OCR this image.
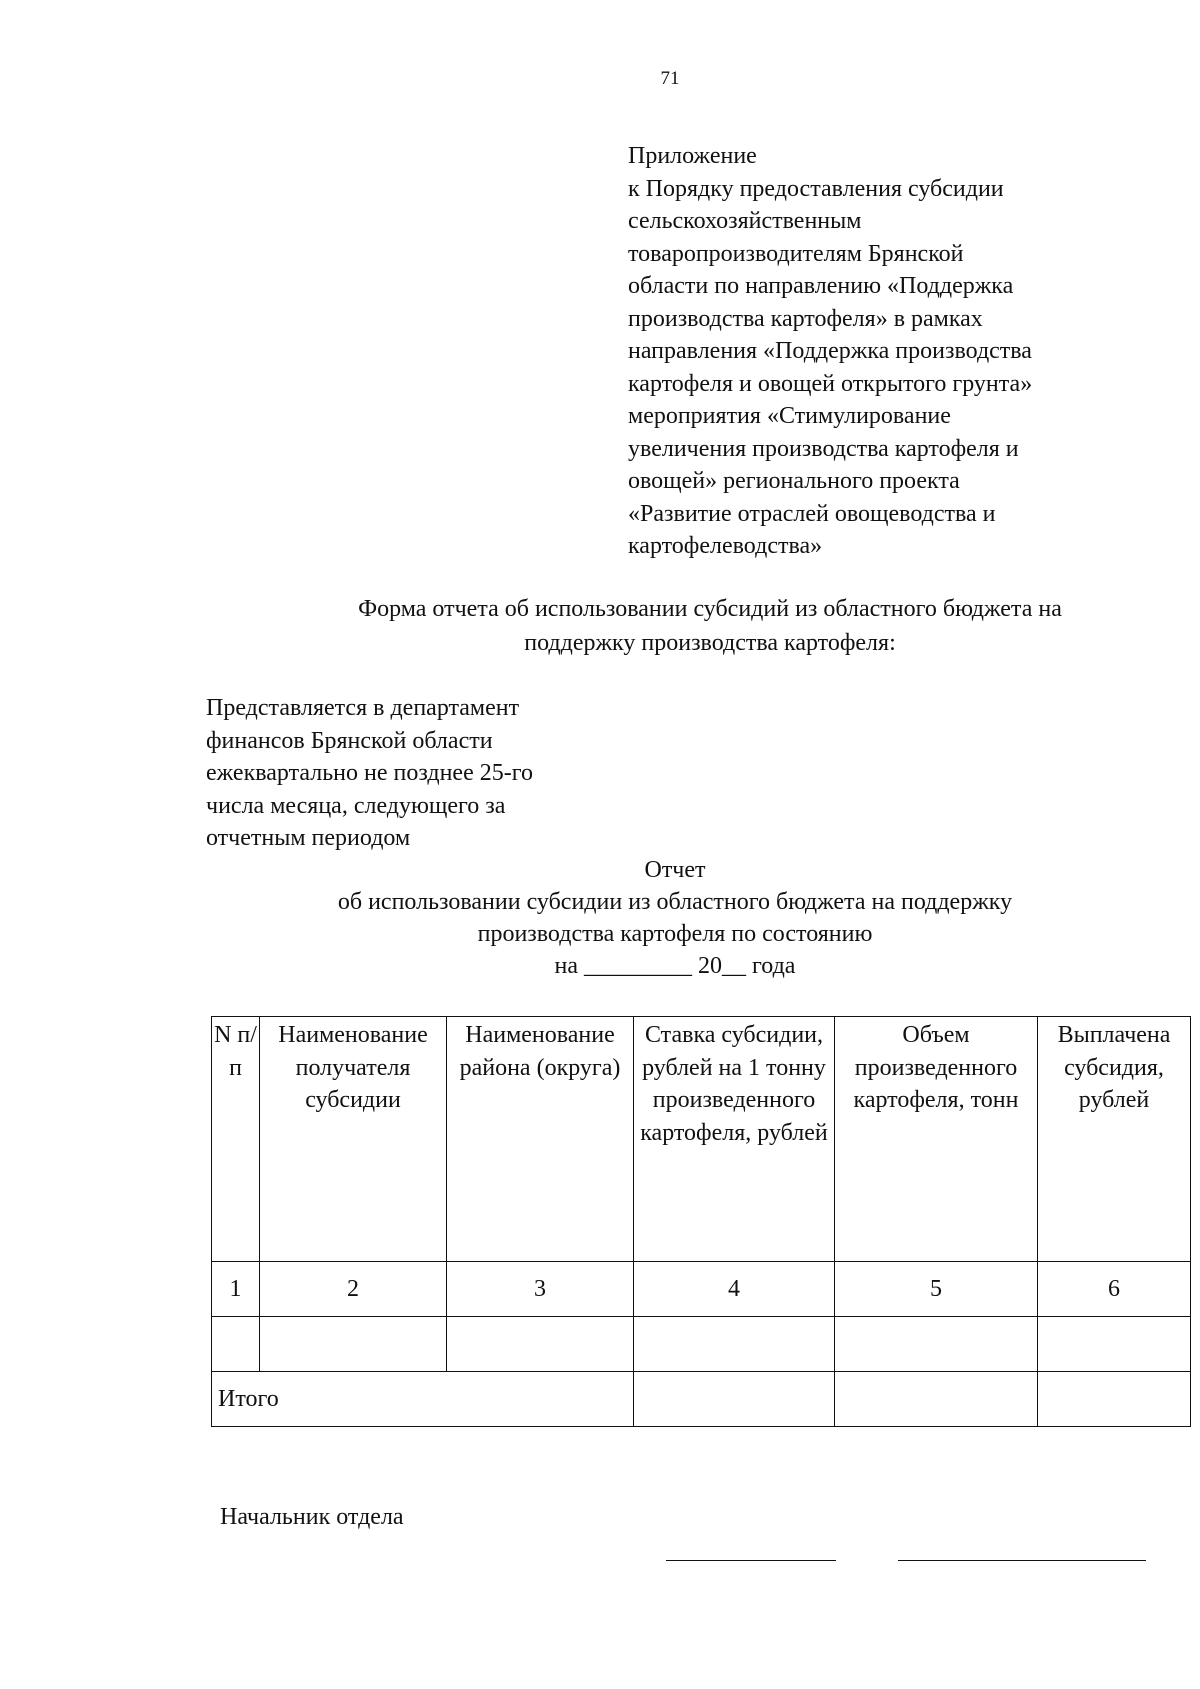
71
Приложение
к Порядку предоставления субсидии
сельскохозяйственным
товаропроизводителям Брянской
области по направлению «Поддержка
производства картофеля» в рамках
направления «Поддержка производства
картофеля и овощей открытого грунта»
мероприятия «Стимулирование
увеличения производства картофеля и
овощей» регионального проекта
«Развитие отраслей овощеводства и
картофелеводства»
Форма отчета об использовании субсидий из областного бюджета на
поддержку производства картофеля:
Представляется в департамент
финансов Брянской области
ежеквартально не позднее 25-го
числа месяца, следующего за
отчетным периодом
Отчет
об использовании субсидии из областного бюджета на поддержку
производства картофеля по состоянию
на _________ 20__ года
N п/п	Наименование получателя субсидии	Наименование района (округа)	Ставка субсидии, рублей на 1 тонну произведенного картофеля, рублей	Объем произведенного картофеля, тонн	Выплачена субсидия, рублей
1	2	3	4	5	6

Итого					
Начальник отдела
